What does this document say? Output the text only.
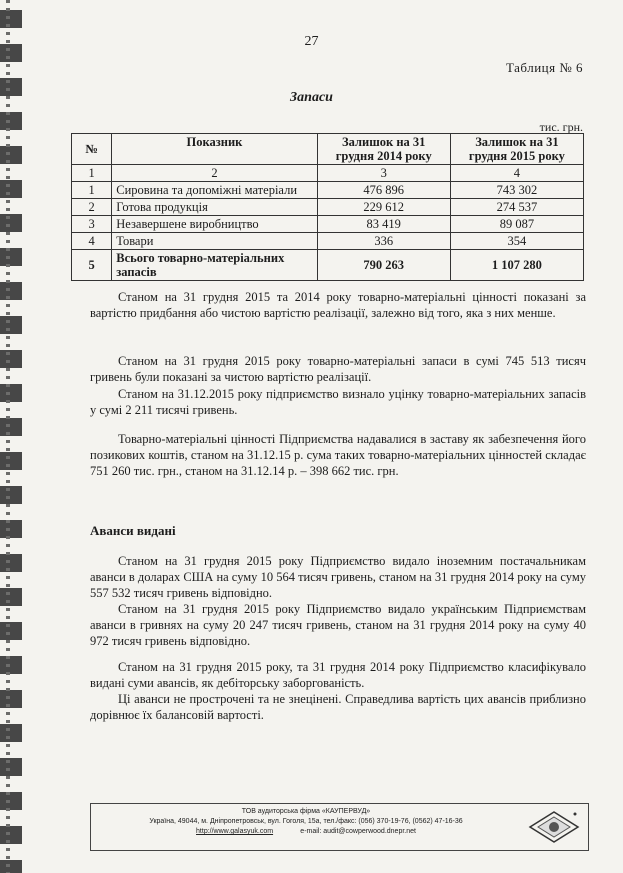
27
Таблиця № 6
Запаси
тис. грн.
№	Показник	Залишок на 31 грудня 2014 року	Залишок на 31 грудня 2015 року
1	2	3	4
1	Сировина та допоміжні матеріали	476 896	743 302
2	Готова продукція	229 612	274 537
3	Незавершене виробництво	83 419	89 087
4	Товари	336	354
5	Всього товарно-матеріальних запасів	790 263	1 107 280

Станом на 31 грудня 2015 та 2014 року товарно-матеріальні цінності показані за вартістю придбання або чистою вартістю реалізації, залежно від того, яка з них менше.

Станом на 31 грудня 2015 року товарно-матеріальні запаси в сумі 745 513 тисяч гривень були показані за чистою вартістю реалізації.

Станом на 31.12.2015 року підприємство визнало уцінку товарно-матеріальних запасів у сумі 2 211 тисячі гривень.

Товарно-матеріальні цінності Підприємства надавалися в заставу як забезпечення його позикових коштів, станом на 31.12.15 р. сума таких товарно-матеріальних цінностей складає 751 260 тис. грн., станом на 31.12.14 р. – 398 662 тис. грн.

Аванси видані

Станом на 31 грудня 2015 року Підприємство видало іноземним постачальникам аванси в доларах США на суму 10 564 тисяч гривень, станом на 31 грудня 2014 року на суму 557 532 тисяч гривень відповідно.

Станом на 31 грудня 2015 року Підприємство видало українським Підприємствам аванси в гривнях на суму 20 247 тисяч гривень, станом на 31 грудня 2014 року на суму 40 972 тисяч гривень відповідно.

Станом на 31 грудня 2015 року, та 31 грудня 2014 року Підприємство класифікувало видані суми авансів, як дебіторську заборгованість.

Ці аванси не прострочені та не знецінені. Справедлива вартість цих авансів приблизно дорівнює їх балансовій вартості.

ТОВ аудиторська фірма «КАУПЕРВУД»
Україна, 49044, м. Дніпропетровськ, вул. Гоголя, 15а, тел./факс: (056) 370-19-76, (0562) 47-16-36
http://www.galasyuk.com	e-mail: audit@cowperwood.dnepr.net
